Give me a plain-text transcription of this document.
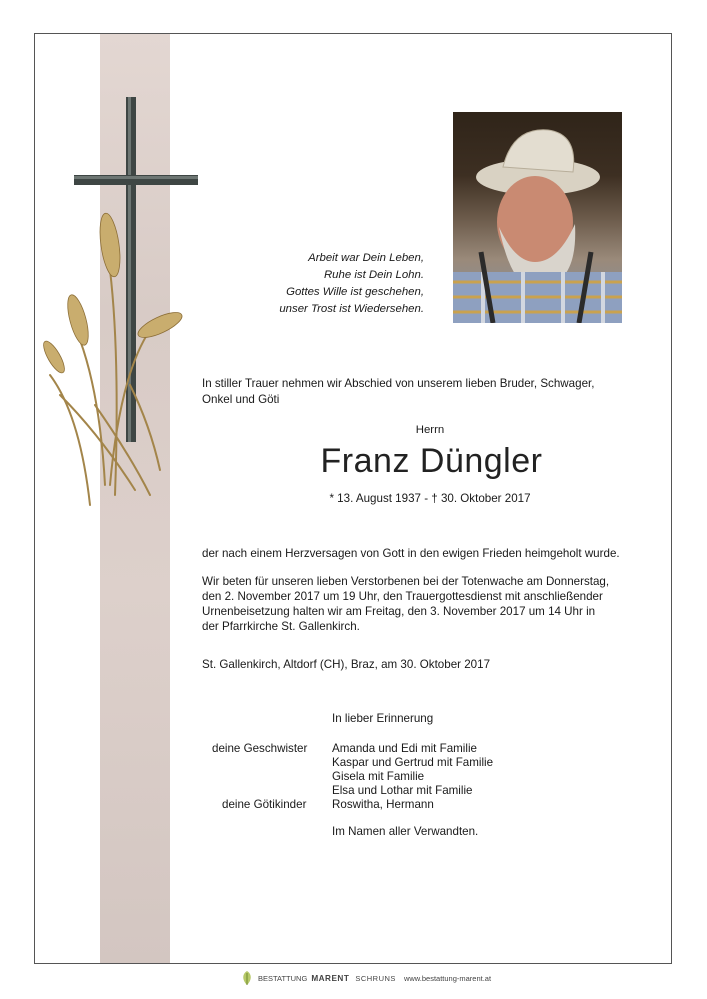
Arbeit war Dein Leben,
Ruhe ist Dein Lohn.
Gottes Wille ist geschehen,
unser Trost ist Wiedersehen.
In stiller Trauer nehmen wir Abschied von unserem lieben Bruder, Schwager,
Onkel und Göti
Herrn
Franz Düngler
* 13. August 1937 - † 30. Oktober 2017
der nach einem Herzversagen von Gott in den ewigen Frieden heimgeholt wurde.
Wir beten für unseren lieben Verstorbenen bei der Totenwache am Donnerstag,
den 2. November 2017 um 19 Uhr, den Trauergottesdienst mit anschließender
Urnenbeisetzung halten wir am Freitag, den 3. November 2017 um 14 Uhr in
der Pfarrkirche St. Gallenkirch.
St. Gallenkirch, Altdorf (CH), Braz, am 30. Oktober 2017
In lieber Erinnerung
deine Geschwister Amanda und Edi mit Familie
Kaspar und Gertrud mit Familie
Gisela mit Familie
Elsa und Lothar mit Familie
deine Götikinder Roswitha, Hermann
Im Namen aller Verwandten.
BESTATTUNG MARENT SCHRUNS www.bestattung-marent.at
